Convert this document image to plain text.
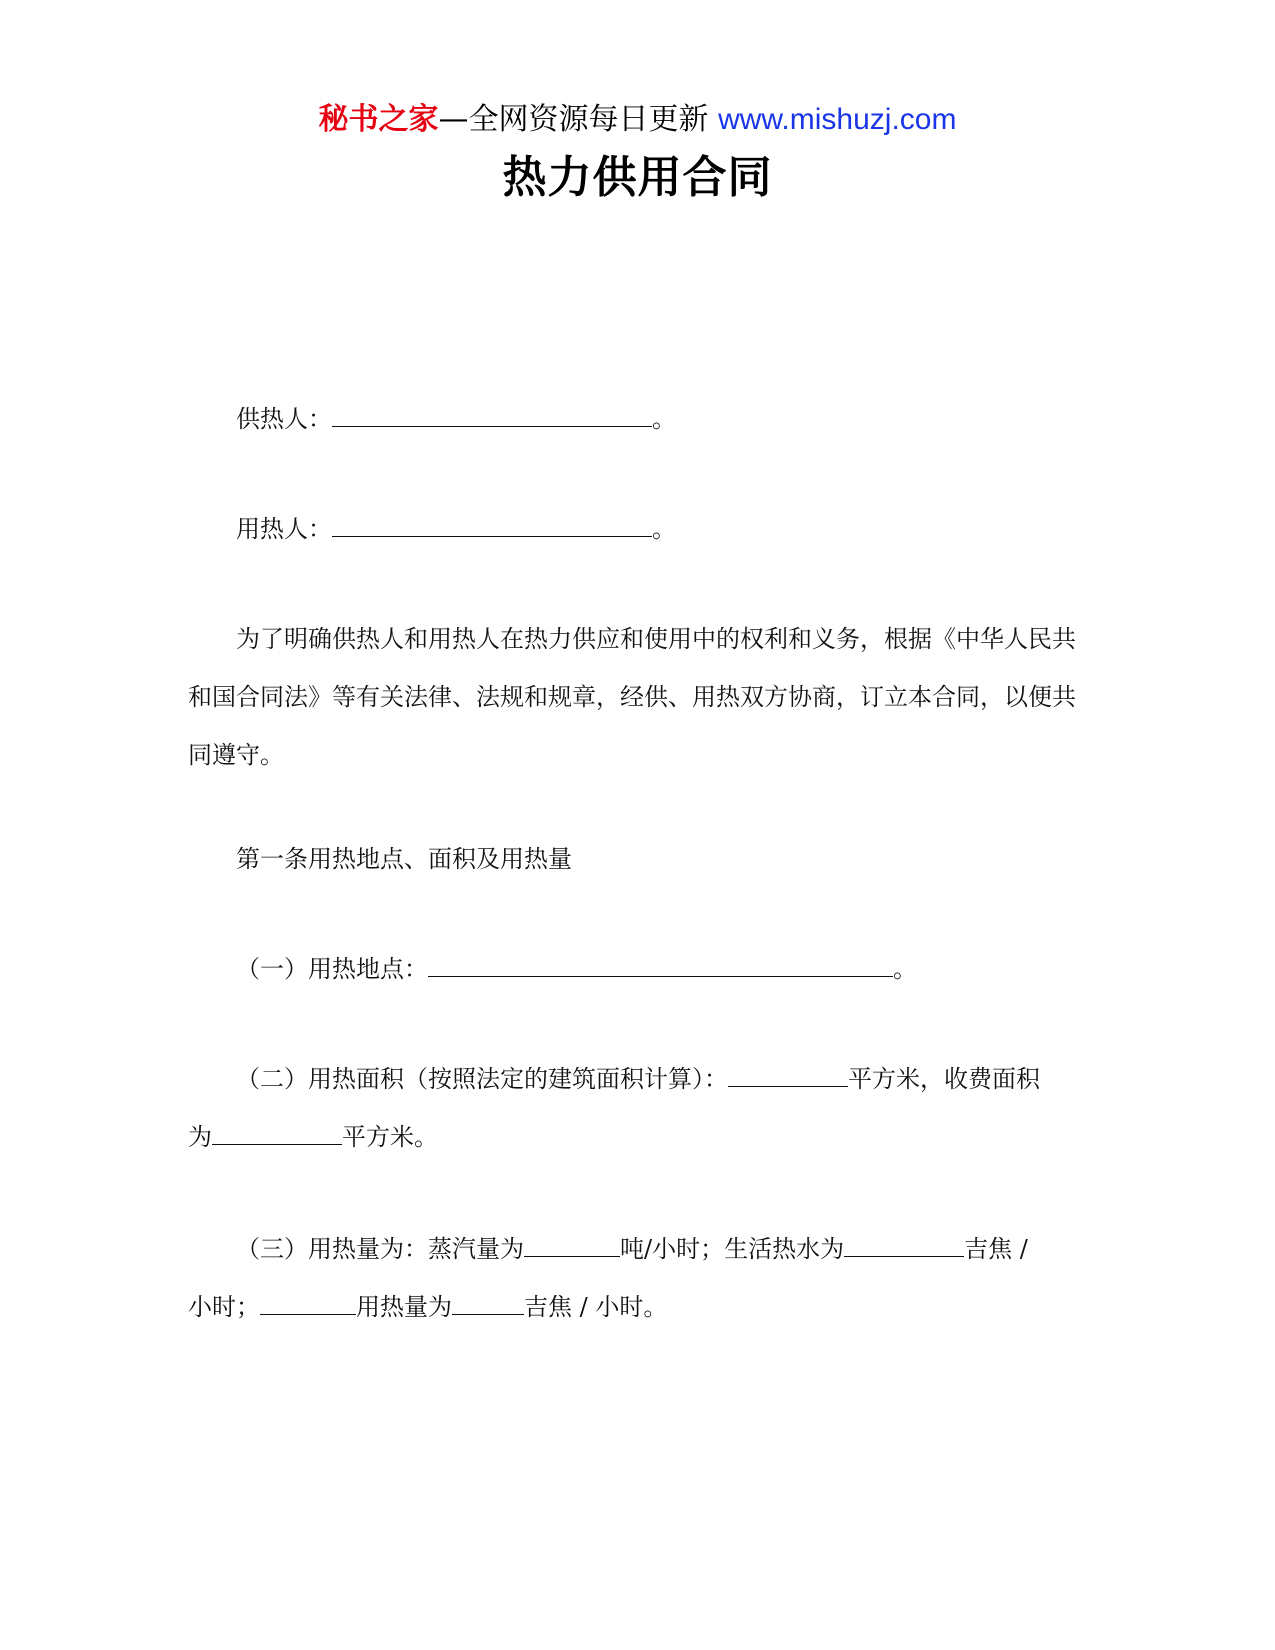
秘书之家—全网资源每日更新 www.mishuzj.com
热力供用合同

供热人：	。

用热人：	。

为了明确供热人和用热人在热力供应和使用中的权利和义务，根据《中华人民共和国合同法》等有关法律、法规和规章，经供、用热双方协商，订立本合同，以便共同遵守。

第一条用热地点、面积及用热量

（一）用热地点：	。

（二）用热面积（按照法定的建筑面积计算）：	平方米，收费面积
为	平方米。

（三）用热量为：蒸汽量为	吨/小时；生活热水为	吉焦 /
小时；	用热量为	吉焦 / 小时。
